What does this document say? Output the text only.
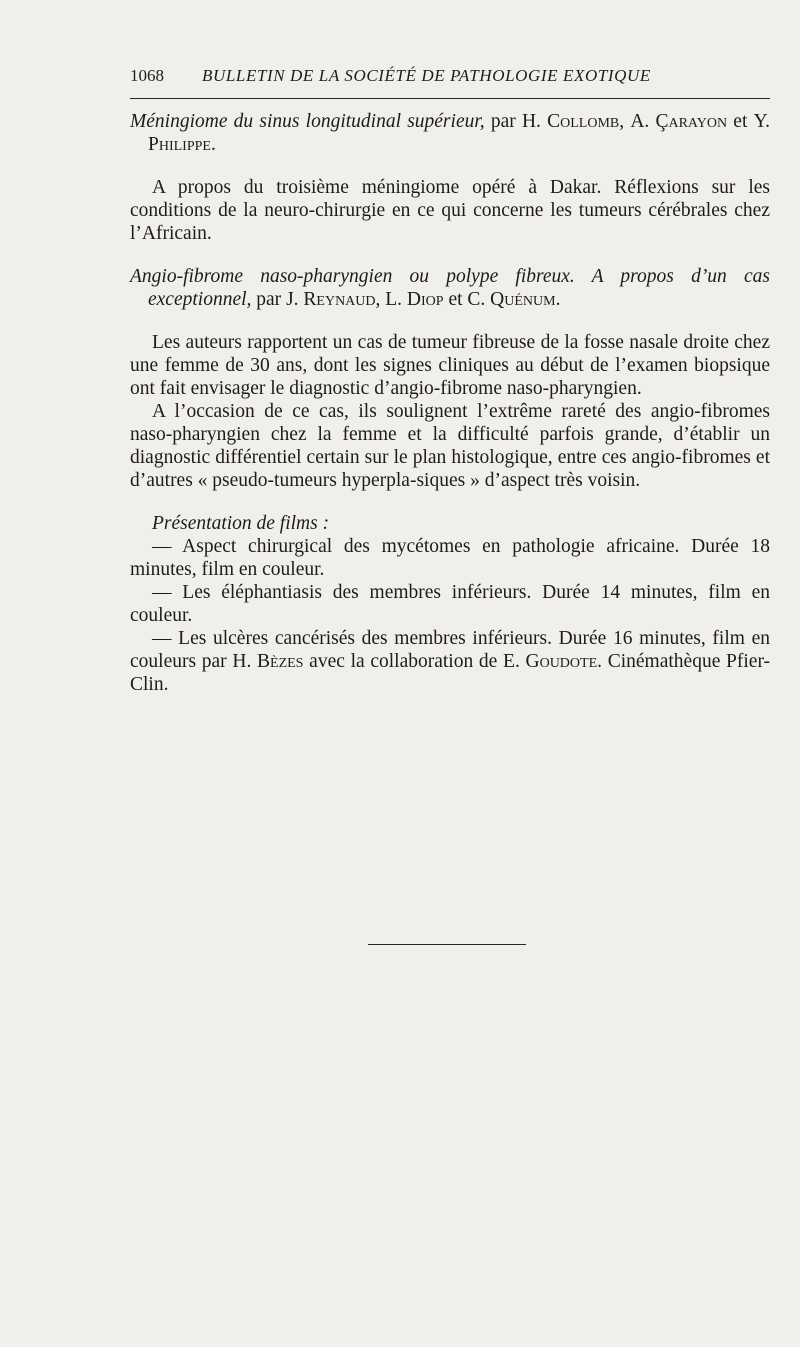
1068 BULLETIN DE LA SOCIÉTÉ DE PATHOLOGIE EXOTIQUE

Méningiome du sinus longitudinal supérieur, par H. Collomb, A. Çarayon et Y. Philippe.

A propos du troisième méningiome opéré à Dakar. Réflexions sur les conditions de la neuro-chirurgie en ce qui concerne les tumeurs cérébrales chez l’Africain.

Angio-fibrome naso-pharyngien ou polype fibreux. A propos d’un cas exceptionnel, par J. Reynaud, L. Diop et C. Quénum.

Les auteurs rapportent un cas de tumeur fibreuse de la fosse nasale droite chez une femme de 30 ans, dont les signes cliniques au début de l’examen biopsique ont fait envisager le diagnostic d’angio-fibrome naso-pharyngien.

A l’occasion de ce cas, ils soulignent l’extrême rareté des angio-fibromes naso-pharyngien chez la femme et la difficulté parfois grande, d’établir un diagnostic différentiel certain sur le plan histologique, entre ces angio-fibromes et d’autres « pseudo-tumeurs hyperpla-siques » d’aspect très voisin.

Présentation de films :

— Aspect chirurgical des mycétomes en pathologie africaine. Durée 18 minutes, film en couleur.

— Les éléphantiasis des membres inférieurs. Durée 14 minutes, film en couleur.

— Les ulcères cancérisés des membres inférieurs. Durée 16 minutes, film en couleurs par H. Bèzes avec la collaboration de E. Goudote. Cinémathèque Pfier-Clin.
